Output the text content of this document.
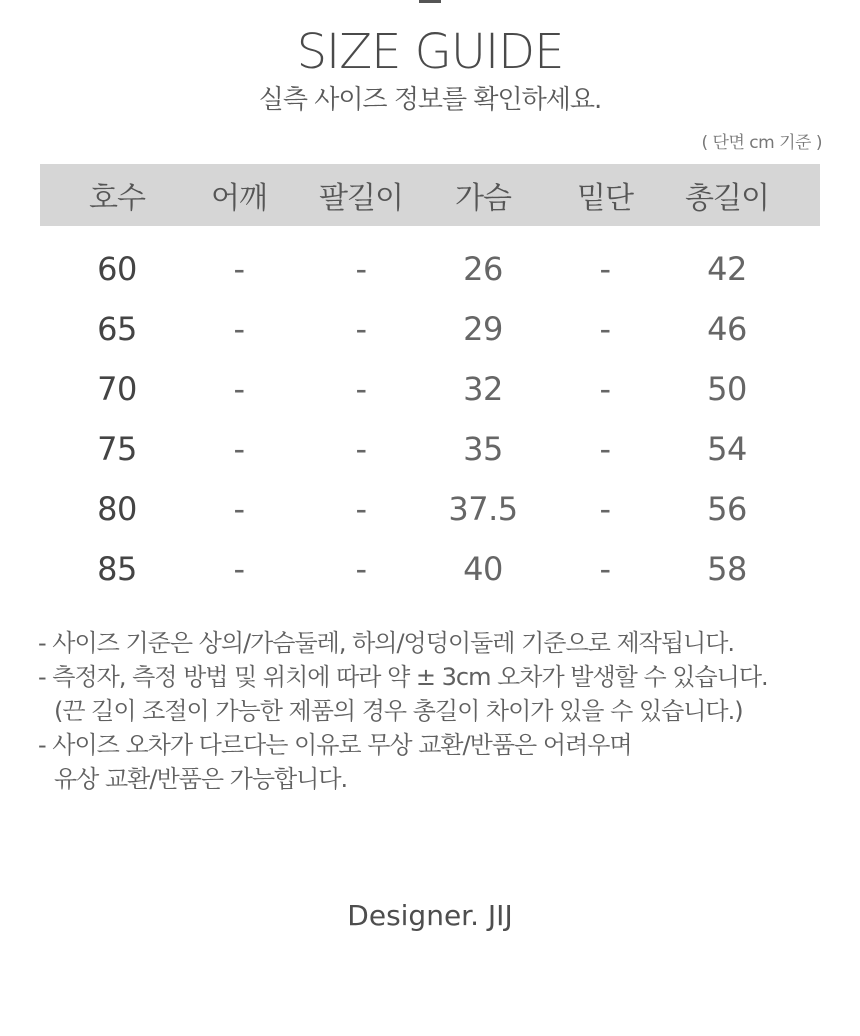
SIZE GUIDE
실측 사이즈 정보를 확인하세요.
( 단면 cm 기준 )
호수	어깨	팔길이	가슴	밑단	총길이
60	-	-	26	-	42
65	-	-	29	-	46
70	-	-	32	-	50
75	-	-	35	-	54
80	-	-	37.5	-	56
85	-	-	40	-	58
- 사이즈 기준은 상의/가슴둘레, 하의/엉덩이둘레 기준으로 제작됩니다.
- 측정자, 측정 방법 및 위치에 따라 약 ± 3cm 오차가 발생할 수 있습니다.
(끈 길이 조절이 가능한 제품의 경우 총길이 차이가 있을 수 있습니다.)
- 사이즈 오차가 다르다는 이유로 무상 교환/반품은 어려우며
유상 교환/반품은 가능합니다.
Designer. JIJ
